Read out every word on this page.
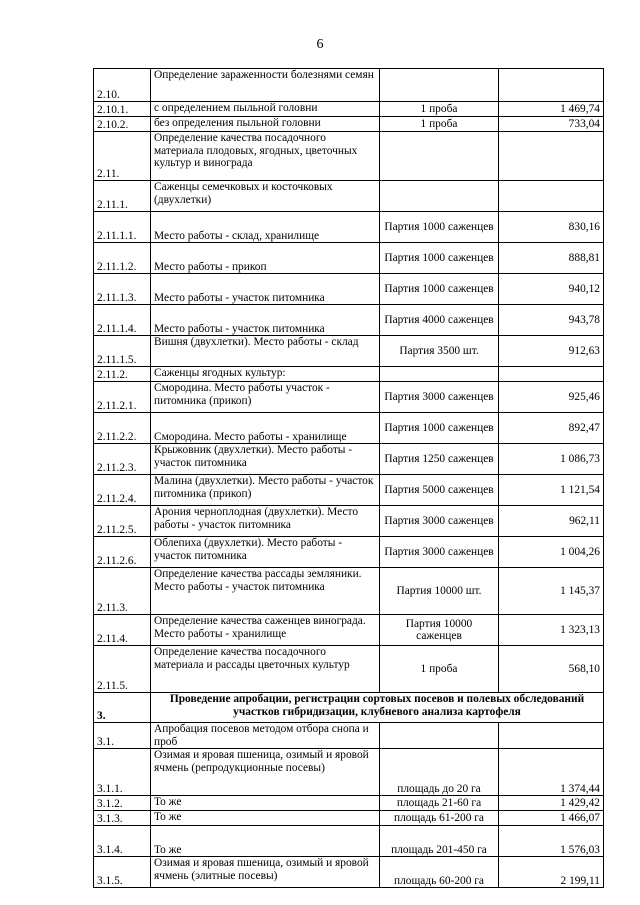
6
2.10.	Определение зараженности болезнями семян		
2.10.1.	с определением пыльной головни	1 проба	1 469,74
2.10.2.	без определения пыльной головни	1 проба	733,04
2.11.	Определение качества посадочного материала плодовых, ягодных, цветочных культур и винограда		
2.11.1.	Саженцы семечковых и косточковых (двухлетки)		
2.11.1.1.	Место работы - склад, хранилище	Партия 1000 саженцев	830,16
2.11.1.2.	Место работы - прикоп	Партия 1000 саженцев	888,81
2.11.1.3.	Место работы - участок питомника	Партия 1000 саженцев	940,12
2.11.1.4.	Место работы - участок питомника	Партия 4000 саженцев	943,78
2.11.1.5.	Вишня (двухлетки). Место работы - склад	Партия 3500 шт.	912,63
2.11.2.	Саженцы ягодных культур:		
2.11.2.1.	Смородина. Место работы участок - питомника (прикоп)	Партия 3000 саженцев	925,46
2.11.2.2.	Смородина. Место работы - хранилище	Партия 1000 саженцев	892,47
2.11.2.3.	Крыжовник (двухлетки). Место работы - участок питомника	Партия 1250 саженцев	1 086,73
2.11.2.4.	Малина (двухлетки). Место работы - участок питомника (прикоп)	Партия 5000 саженцев	1 121,54
2.11.2.5.	Арония черноплодная (двухлетки). Место работы - участок питомника	Партия 3000 саженцев	962,11
2.11.2.6.	Облепиха (двухлетки). Место работы - участок питомника	Партия 3000 саженцев	1 004,26
2.11.3.	Определение качества рассады земляники. Место работы - участок питомника	Партия 10000 шт.	1 145,37
2.11.4.	Определение качества саженцев винограда. Место работы - хранилище	Партия 10000 саженцев	1 323,13
2.11.5.	Определение качества посадочного материала и рассады цветочных культур	1 проба	568,10
3.	Проведение апробации, регистрации сортовых посевов и полевых обследований участков гибридизации, клубневого анализа картофеля		
3.1.	Апробация посевов методом отбора снопа и проб		
3.1.1.	Озимая и яровая пшеница, озимый и яровой ячмень (репродукционные посевы)	площадь до 20 га	1 374,44
3.1.2.	То же	площадь 21-60 га	1 429,42
3.1.3.	То же	площадь 61-200 га	1 466,07
3.1.4.	То же	площадь 201-450 га	1 576,03
3.1.5.	Озимая и яровая пшеница, озимый и яровой ячмень (элитные посевы)	площадь 60-200 га	2 199,11
